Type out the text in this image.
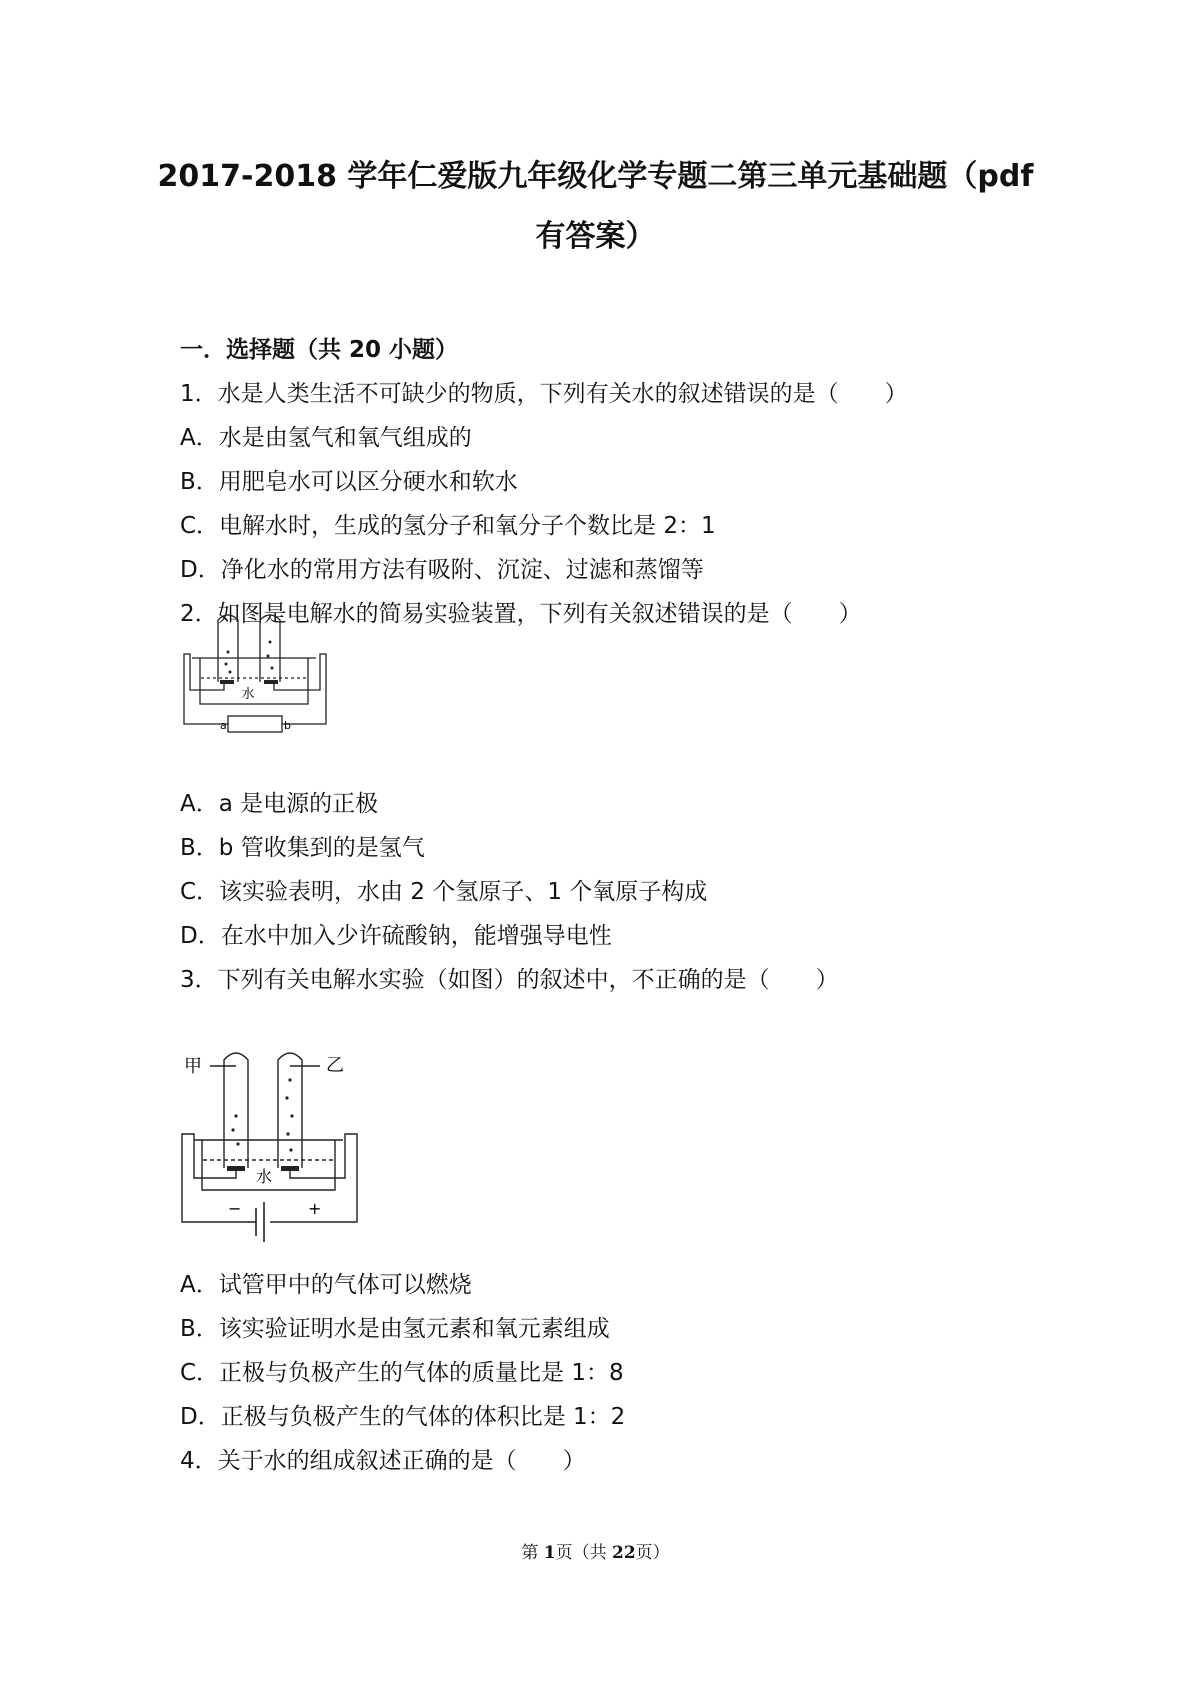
2017-2018 学年仁爱版九年级化学专题二第三单元基础题（pdf
有答案）
一．选择题（共 20 小题）
1．水是人类生活不可缺少的物质，下列有关水的叙述错误的是（　　）
A．水是由氢气和氧气组成的
B．用肥皂水可以区分硬水和软水
C．电解水时，生成的氢分子和氧分子个数比是 2：1
D．净化水的常用方法有吸附、沉淀、过滤和蒸馏等
2．如图是电解水的简易实验装置，下列有关叙述错误的是（　　）
水
a	b
A．a 是电源的正极
B．b 管收集到的是氢气
C．该实验表明，水由 2 个氢原子、1 个氧原子构成
D．在水中加入少许硫酸钠，能增强导电性
3．下列有关电解水实验（如图）的叙述中，不正确的是（　　）
甲	乙
水
−	+
A．试管甲中的气体可以燃烧
B．该实验证明水是由氢元素和氧元素组成
C．正极与负极产生的气体的质量比是 1：8
D．正极与负极产生的气体的体积比是 1：2
4．关于水的组成叙述正确的是（　　）
第 1页（共 22页）
